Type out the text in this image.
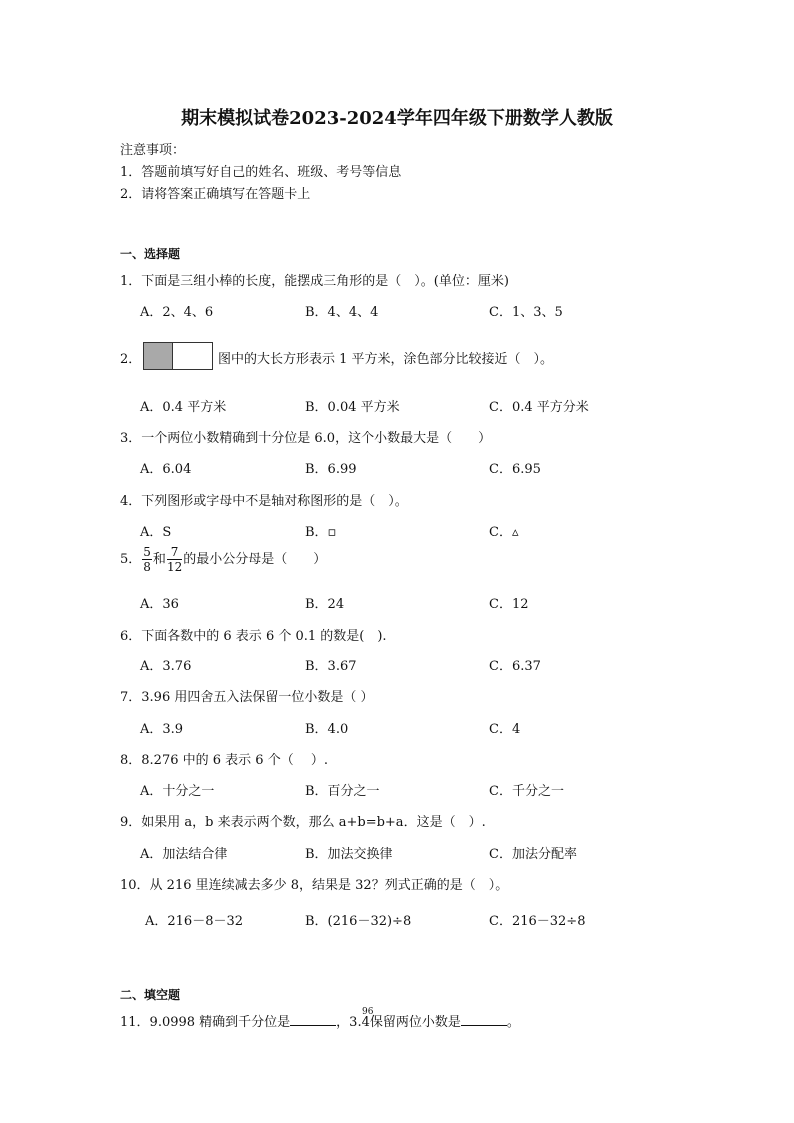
期末模拟试卷2023-2024学年四年级下册数学人教版
注意事项：
1．答题前填写好自己的姓名、班级、考号等信息
2．请将答案正确填写在答题卡上
一、选择题
1．下面是三组小棒的长度，能摆成三角形的是（　）。(单位：厘米)
A．2、4、6	B．4、4、4	C．1、3、5
2．	图中的大长方形表示 1 平方米，涂色部分比较接近（　）。
A．0.4 平方米	B．0.04 平方米	C．0.4 平方分米
3．一个两位小数精确到十分位是 6.0，这个小数最大是（　　）
A．6.04	B．6.99	C．6.95
4．下列图形或字母中不是轴对称图形的是（　）。
A．S	B．▫	C．▵
5． $\frac{5}{8}$ 和 $\frac{7}{12}$ 的最小公分母是（　　）
A．36	B．24	C．12
6．下面各数中的 6 表示 6 个 0.1 的数是(　).
A．3.76	B．3.67	C．6.37
7．3.96 用四舍五入法保留一位小数是（ ）
A．3.9	B．4.0	C．4
8．8.276 中的 6 表示 6 个（　 ）.
A．十分之一	B．百分之一	C．千分之一
9．如果用 a，b 来表示两个数，那么 a+b=b+a．这是（　）.
A．加法结合律	B．加法交换律	C．加法分配率
10．从 216 里连续减去多少 8，结果是 32？列式正确的是（　）。
A．216－8－32	B．(216－32)÷8	C．216－32÷8
二、填空题
11．9.0998 精确到千分位是	，3.4保留两位小数是	。
96
